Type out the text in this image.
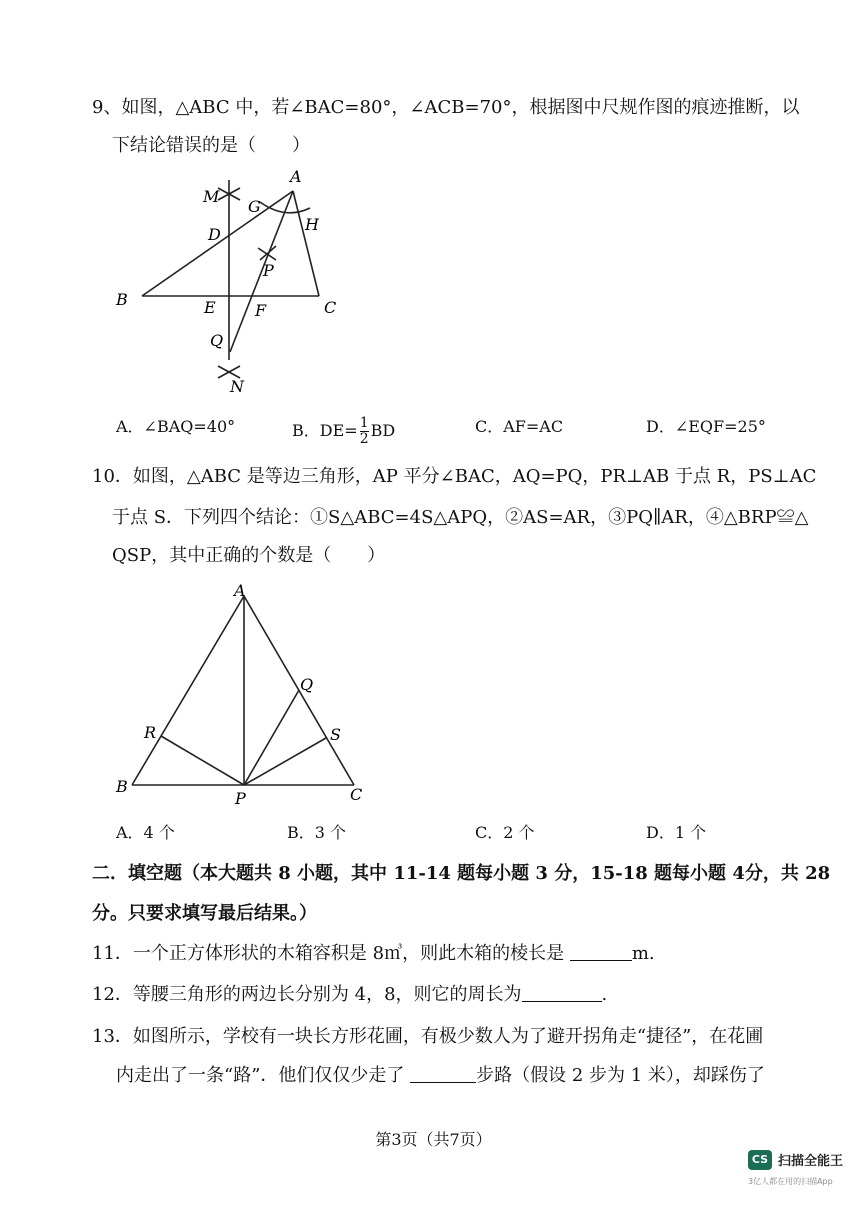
9、如图，△ABC 中，若∠BAC=80°，∠ACB=70°，根据图中尺规作图的痕迹推断，以
下结论错误的是（　　）
A
M
G
H
D
P
B	E F	C
Q
N
A．∠BAQ=40°	B．$DE= \frac{1}{2}$ BD	C．AF=AC	D．∠EQF=25°
10．如图，△ABC 是等边三角形，AP 平分∠BAC，AQ=PQ，PR⊥AB 于点 R，PS⊥AC
于点 S．下列四个结论：①S△ABC=4S△APQ，②AS=AR，③PQ∥AR，④△BRP≌△
QSP，其中正确的个数是（　　）
A
Q
R	S
B
P	C
A．4 个	B．3 个	C．2 个	D．1 个
二．填空题（本大题共 8 小题，其中 11-14 题每小题 3 分，15-18 题每小题 4分，共 28
分。只要求填写最后结果。）
11．一个正方体形状的木箱容积是 8㎥，则此木箱的棱长是	m.
12．等腰三角形的两边长分别为 4，8，则它的周长为	.
13．如图所示，学校有一块长方形花圃，有极少数人为了避开拐角走“捷径”，在花圃
内走出了一条“路”．他们仅仅少走了	步路（假设 2 步为 1 米），却踩伤了
第3页（共7页）
CS 扫描全能王
3亿人都在用的扫描App
